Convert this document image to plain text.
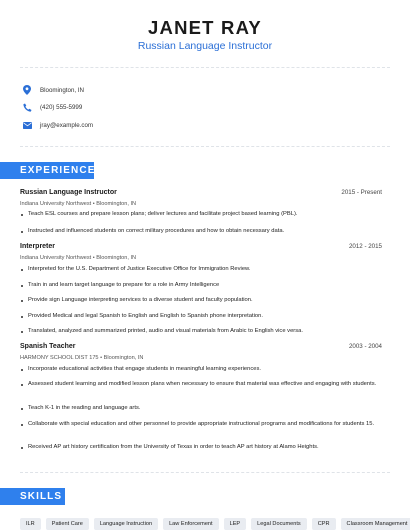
JANET RAY
Russian Language Instructor
Bloomington, IN
(420) 555-5999
jray@example.com
EXPERIENCE
Russian Language Instructor	2015 - Present
Indiana University Northwest • Bloomington, IN
Teach ESL courses and prepare lesson plans; deliver lectures and facilitate project based learning (PBL).
Instructed and influenced students on correct military procedures and how to obtain necessary data.
Interpreter	2012 - 2015
Indiana University Northwest • Bloomington, IN
Interpreted for the U.S. Department of Justice Executive Office for Immigration Review.
Train in and learn target language to prepare for a role in Army Intelligence
Provide sign Language interpreting services to a diverse student and faculty population.
Provided Medical and legal Spanish to English and English to Spanish phone interpretation.
Translated, analyzed and summarized printed, audio and visual materials from Arabic to English vice versa.
Spanish Teacher	2003 - 2004
HARMONY SCHOOL DIST 175 • Bloomington, IN
Incorporate educational activities that engage students in meaningful learning experiences.
Assessed student learning and modified lesson plans when necessary to ensure that material was effective and engaging with students.
Teach K-1 in the reading and language arts.
Collaborate with special education and other personnel to provide appropriate instructional programs and modifications for students 15.
Received AP art history certification from the University of Texas in order to teach AP art history at Alamo Heights.
SKILLS
ILR	Patient Care	Language Instruction	Law Enforcement	LEP	Legal Documents	CPR	Classroom Management
